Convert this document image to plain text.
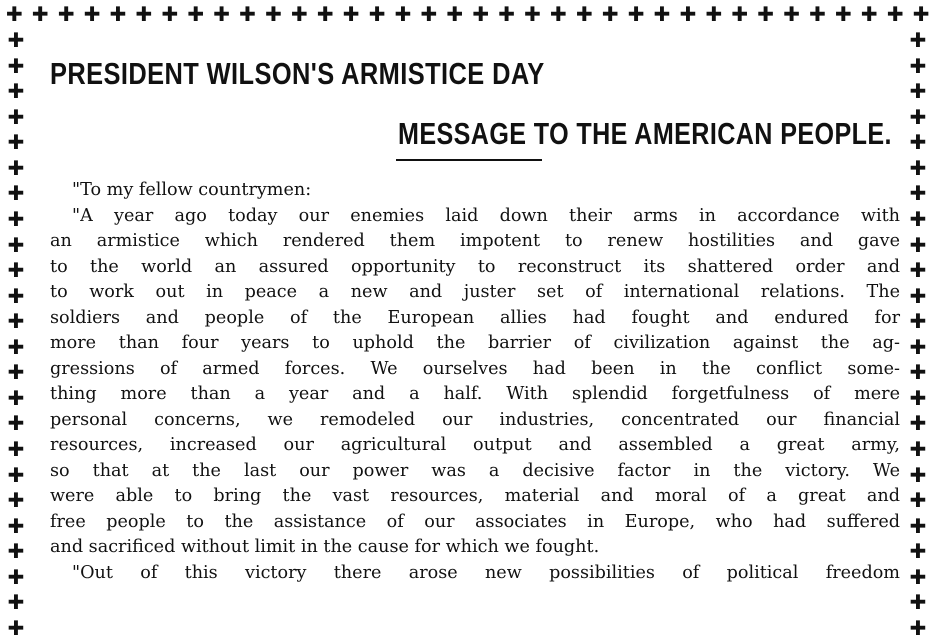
✚ ✚ ✚ ✚ ✚ ✚ ✚ ✚ ✚ ✚ ✚ ✚ ✚ ✚ ✚ ✚ ✚ ✚ ✚ ✚ ✚ ✚ ✚ ✚ ✚ ✚ ✚ ✚ ✚ ✚ ✚ ✚ ✚ ✚ ✚ ✚
✚
✚
✚
✚
✚
✚
✚
✚
✚
✚
✚
✚
✚
✚
✚
✚
✚
✚
✚
✚
✚
✚
✚
✚
✚
✚
✚
✚
✚
✚
✚
✚
✚
✚
✚
✚
✚
✚
✚
✚
✚
✚
✚
✚
✚
✚
✚
✚
PRESIDENT WILSON'S ARMISTICE DAY
MESSAGE TO THE AMERICAN PEOPLE.
"To my fellow countrymen:
"A year ago today our enemies laid down their arms in accordance with
an armistice which rendered them impotent to renew hostilities and gave
to the world an assured opportunity to reconstruct its shattered order and
to work out in peace a new and juster set of international relations. The
soldiers and people of the European allies had fought and endured for
more than four years to uphold the barrier of civilization against the ag-
gressions of armed forces. We ourselves had been in the conflict some-
thing more than a year and a half. With splendid forgetfulness of mere
personal concerns, we remodeled our industries, concentrated our financial
resources, increased our agricultural output and assembled a great army,
so that at the last our power was a decisive factor in the victory. We
were able to bring the vast resources, material and moral of a great and
free people to the assistance of our associates in Europe, who had suffered
and sacrificed without limit in the cause for which we fought.
"Out of this victory there arose new possibilities of political freedom
